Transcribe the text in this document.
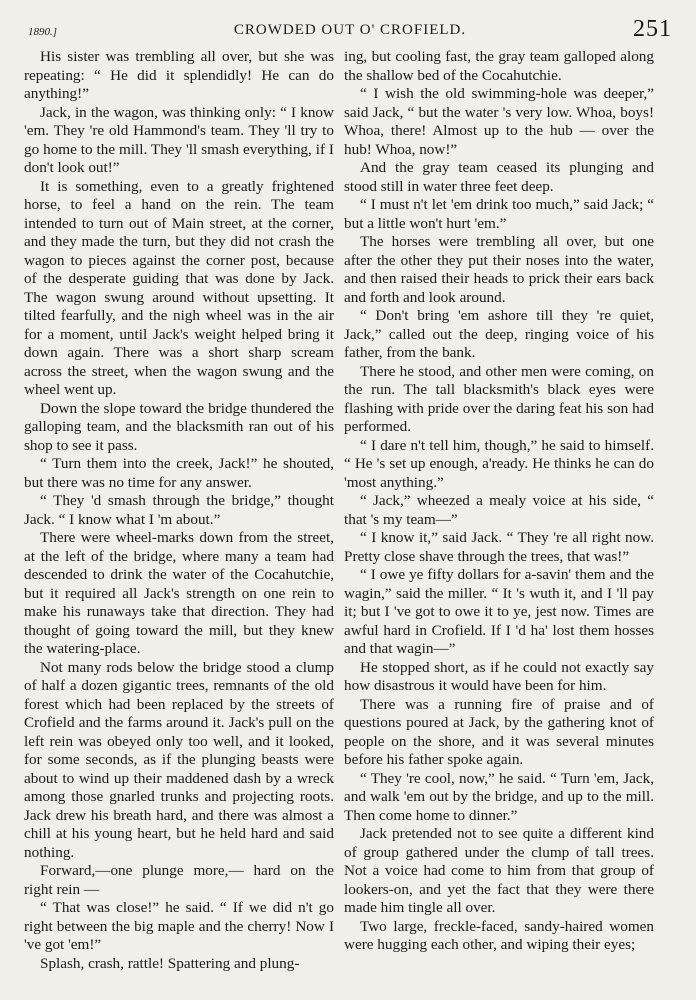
1890.]	CROWDED OUT O' CROFIELD.	251

His sister was trembling all over, but she was repeating: “ He did it splendidly! He can do anything!”

Jack, in the wagon, was thinking only: “ I know 'em. They 're old Hammond's team. They 'll try to go home to the mill. They 'll smash everything, if I don't look out!”

It is something, even to a greatly frightened horse, to feel a hand on the rein. The team intended to turn out of Main street, at the corner, and they made the turn, but they did not crash the wagon to pieces against the corner post, because of the desperate guiding that was done by Jack. The wagon swung around without upsetting. It tilted fearfully, and the nigh wheel was in the air for a moment, until Jack's weight helped bring it down again. There was a short sharp scream across the street, when the wagon swung and the wheel went up.

Down the slope toward the bridge thundered the galloping team, and the blacksmith ran out of his shop to see it pass.

“ Turn them into the creek, Jack!” he shouted, but there was no time for any answer.

“ They 'd smash through the bridge,” thought Jack. “ I know what I 'm about.”

There were wheel-marks down from the street, at the left of the bridge, where many a team had descended to drink the water of the Cocahutchie, but it required all Jack's strength on one rein to make his runaways take that direction. They had thought of going toward the mill, but they knew the watering-place.

Not many rods below the bridge stood a clump of half a dozen gigantic trees, remnants of the old forest which had been replaced by the streets of Crofield and the farms around it. Jack's pull on the left rein was obeyed only too well, and it looked, for some seconds, as if the plunging beasts were about to wind up their maddened dash by a wreck among those gnarled trunks and projecting roots. Jack drew his breath hard, and there was almost a chill at his young heart, but he held hard and said nothing.

Forward,—one plunge more,— hard on the right rein —

“ That was close!” he said. “ If we did n't go right between the big maple and the cherry! Now I 've got 'em!”

Splash, crash, rattle! Spattering and plung-

ing, but cooling fast, the gray team galloped along the shallow bed of the Cocahutchie.

“ I wish the old swimming-hole was deeper,” said Jack, “ but the water 's very low. Whoa, boys! Whoa, there! Almost up to the hub — over the hub! Whoa, now!”

And the gray team ceased its plunging and stood still in water three feet deep.

“ I must n't let 'em drink too much,” said Jack; “ but a little won't hurt 'em.”

The horses were trembling all over, but one after the other they put their noses into the water, and then raised their heads to prick their ears back and forth and look around.

“ Don't bring 'em ashore till they 're quiet, Jack,” called out the deep, ringing voice of his father, from the bank.

There he stood, and other men were coming, on the run. The tall blacksmith's black eyes were flashing with pride over the daring feat his son had performed.

“ I dare n't tell him, though,” he said to himself. “ He 's set up enough, a'ready. He thinks he can do 'most anything.”

“ Jack,” wheezed a mealy voice at his side, “ that 's my team—”

“ I know it,” said Jack. “ They 're all right now. Pretty close shave through the trees, that was!”

“ I owe ye fifty dollars for a-savin' them and the wagin,” said the miller. “ It 's wuth it, and I 'll pay it; but I 've got to owe it to ye, jest now. Times are awful hard in Crofield. If I 'd ha' lost them hosses and that wagin—”

He stopped short, as if he could not exactly say how disastrous it would have been for him.

There was a running fire of praise and of questions poured at Jack, by the gathering knot of people on the shore, and it was several minutes before his father spoke again.

“ They 're cool, now,” he said. “ Turn 'em, Jack, and walk 'em out by the bridge, and up to the mill. Then come home to dinner.”

Jack pretended not to see quite a different kind of group gathered under the clump of tall trees. Not a voice had come to him from that group of lookers-on, and yet the fact that they were there made him tingle all over.

Two large, freckle-faced, sandy-haired women were hugging each other, and wiping their eyes;
